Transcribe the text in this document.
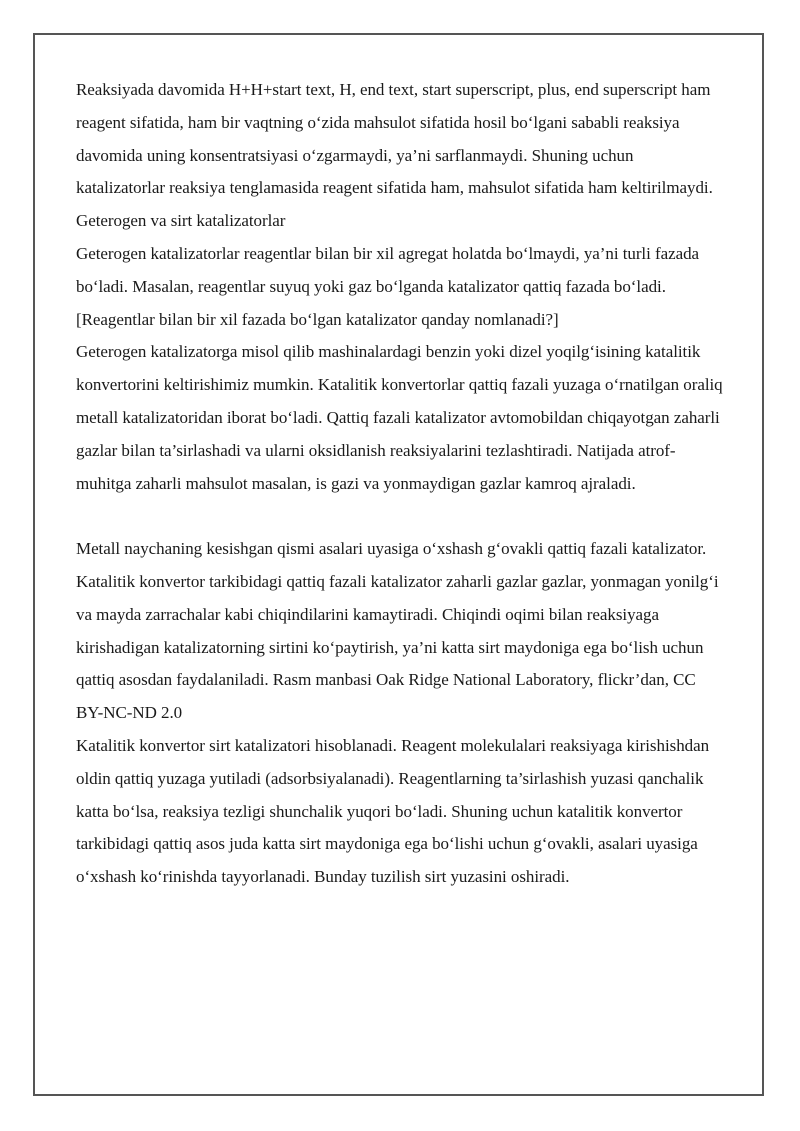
Reaksiyada davomida H+H+start text, H, end text, start superscript, plus, end superscript ham reagent sifatida, ham bir vaqtning o‘zida mahsulot sifatida hosil bo‘lgani sababli reaksiya davomida uning konsentratsiyasi o‘zgarmaydi, ya’ni sarflanmaydi. Shuning uchun katalizatorlar reaksiya tenglamasida reagent sifatida ham, mahsulot sifatida ham keltirilmaydi.

Geterogen va sirt katalizatorlar

Geterogen katalizatorlar reagentlar bilan bir xil agregat holatda bo‘lmaydi, ya’ni turli fazada bo‘ladi. Masalan, reagentlar suyuq yoki gaz bo‘lganda katalizator qattiq fazada bo‘ladi.

[Reagentlar bilan bir xil fazada bo‘lgan katalizator qanday nomlanadi?]

Geterogen katalizatorga misol qilib mashinalardagi benzin yoki dizel yoqilg‘isining katalitik konvertorini keltirishimiz mumkin. Katalitik konvertorlar qattiq fazali yuzaga o‘rnatilgan oraliq metall katalizatoridan iborat bo‘ladi. Qattiq fazali katalizator avtomobildan chiqayotgan zaharli gazlar bilan ta’sirlashadi va ularni oksidlanish reaksiyalarini tezlashtiradi. Natijada atrof-muhitga zaharli mahsulot masalan, is gazi va yonmaydigan gazlar kamroq ajraladi.

Metall naychaning kesishgan qismi asalari uyasiga o‘xshash g‘ovakli qattiq fazali katalizator.

Katalitik konvertor tarkibidagi qattiq fazali katalizator zaharli gazlar gazlar, yonmagan yonilg‘i va mayda zarrachalar kabi chiqindilarini kamaytiradi. Chiqindi oqimi bilan reaksiyaga kirishadigan katalizatorning sirtini ko‘paytirish, ya’ni katta sirt maydoniga ega bo‘lish uchun qattiq asosdan faydalaniladi. Rasm manbasi Oak Ridge National Laboratory, flickr’dan, CC BY-NC-ND 2.0

Katalitik konvertor sirt katalizatori hisoblanadi. Reagent molekulalari reaksiyaga kirishishdan oldin qattiq yuzaga yutiladi (adsorbsiyalanadi). Reagentlarning ta’sirlashish yuzasi qanchalik katta bo‘lsa, reaksiya tezligi shunchalik yuqori bo‘ladi. Shuning uchun katalitik konvertor tarkibidagi qattiq asos juda katta sirt maydoniga ega bo‘lishi uchun g‘ovakli, asalari uyasiga o‘xshash ko‘rinishda tayyorlanadi. Bunday tuzilish sirt yuzasini oshiradi.
